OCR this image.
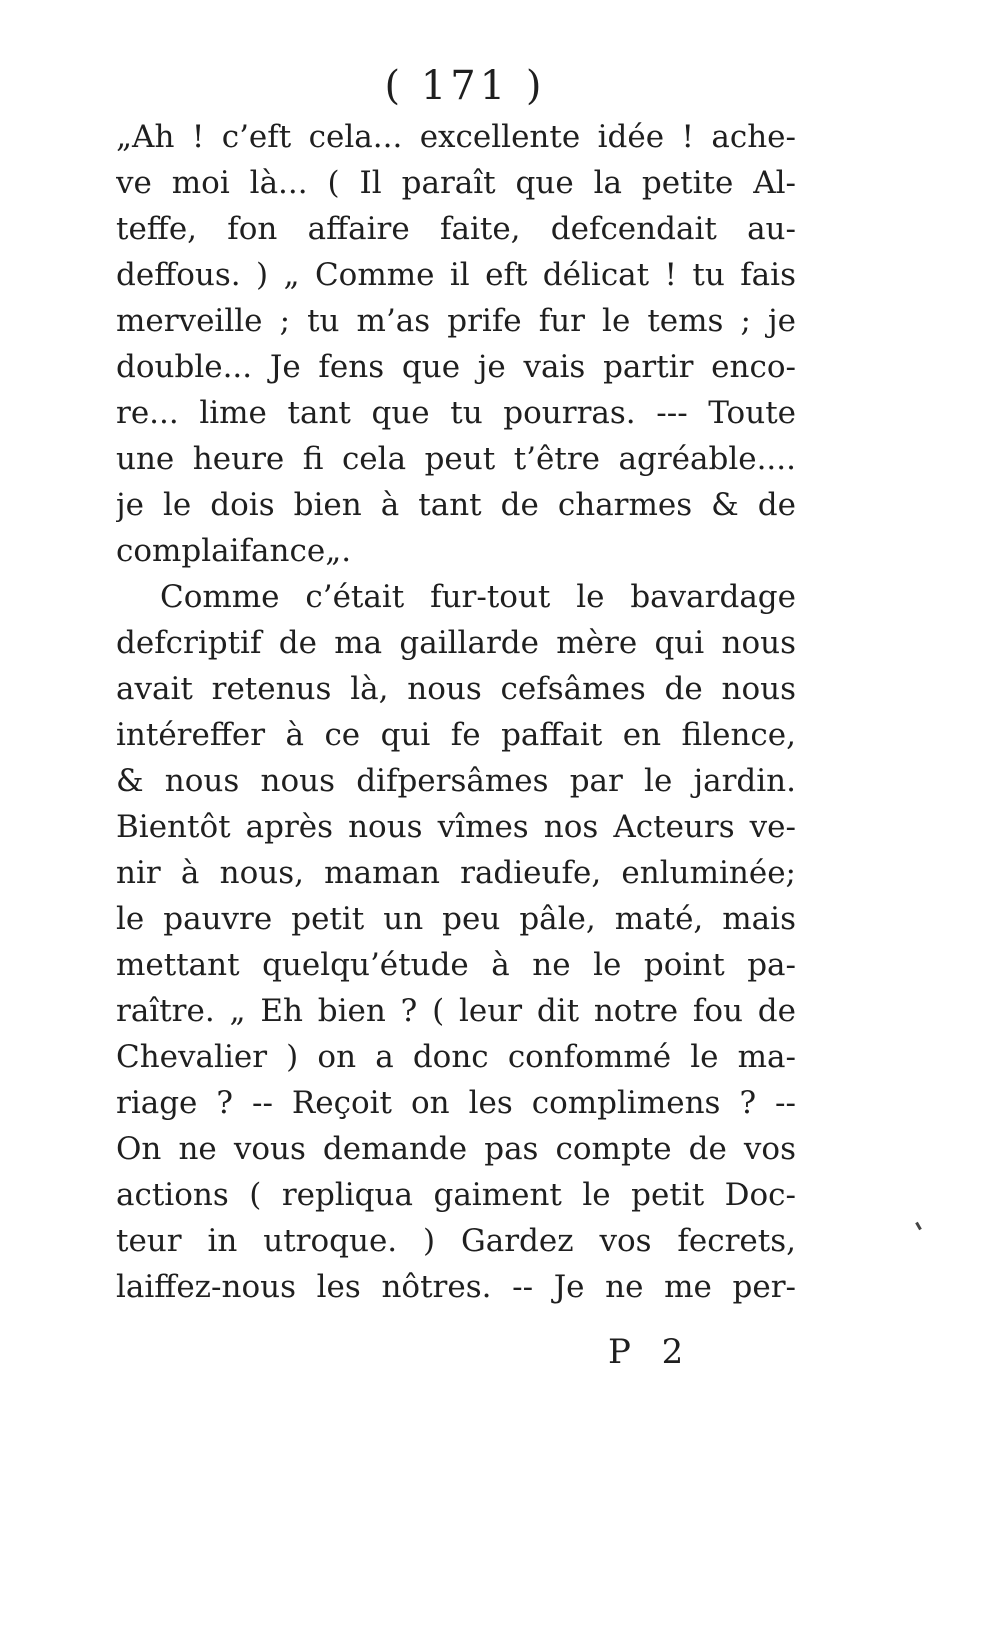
( 171 )
„Ah ! c’eft cela... excellente idée ! ache-
ve moi là... ( Il paraît que la petite Al-
teffe, fon affaire faite, defcendait au-
deffous. ) „ Comme il eft délicat ! tu fais
merveille ; tu m’as prife fur le tems ; je
double... Je fens que je vais partir enco-
re... lime tant que tu pourras. --- Toute
une heure fi cela peut t’être agréable....
je le dois bien à tant de charmes & de
complaifance„.
Comme c’était fur-tout le bavardage
defcriptif de ma gaillarde mère qui nous
avait retenus là, nous cefsâmes de nous
intéreffer à ce qui fe paffait en filence,
& nous nous difpersâmes par le jardin.
Bientôt après nous vîmes nos Acteurs ve-
nir à nous, maman radieufe, enluminée;
le pauvre petit un peu pâle, maté, mais
mettant quelqu’étude à ne le point pa-
raître. „ Eh bien ? ( leur dit notre fou de
Chevalier ) on a donc confommé le ma-
riage ? -- Reçoit on les complimens ? --
On ne vous demande pas compte de vos
actions ( repliqua gaiment le petit Doc-
teur in utroque. ) Gardez vos fecrets,
laiffez-nous les nôtres. -- Je ne me per-
P 2
